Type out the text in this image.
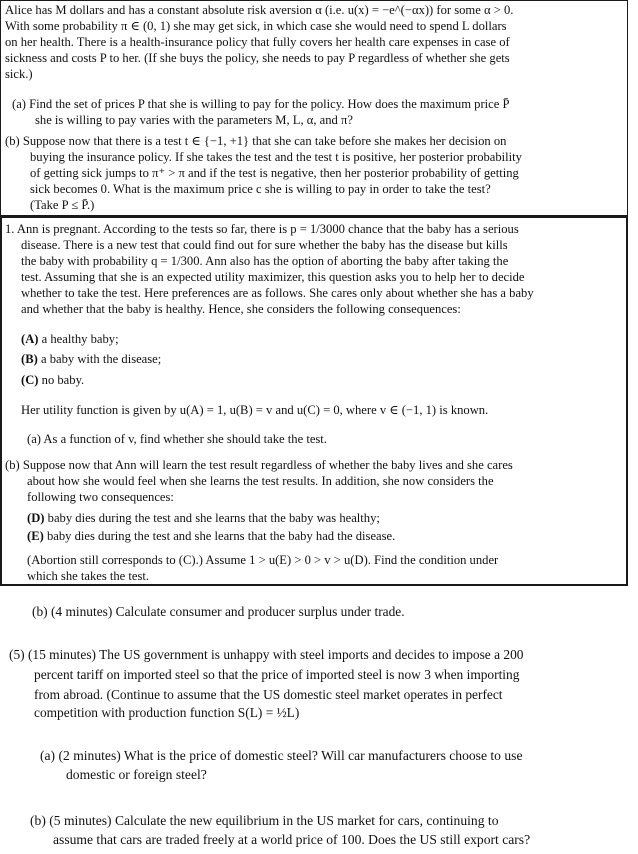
Alice has M dollars and has a constant absolute risk aversion α (i.e. u(x) = −e^(−αx)) for some α > 0.
With some probability π ∈ (0, 1) she may get sick, in which case she would need to spend L dollars
on her health. There is a health-insurance policy that fully covers her health care expenses in case of
sickness and costs P to her. (If she buys the policy, she needs to pay P regardless of whether she gets
sick.)
(a) Find the set of prices P that she is willing to pay for the policy. How does the maximum price P̄
she is willing to pay varies with the parameters M, L, α, and π?
(b) Suppose now that there is a test t ∈ {−1, +1} that she can take before she makes her decision on
buying the insurance policy. If she takes the test and the test t is positive, her posterior probability
of getting sick jumps to π⁺ > π and if the test is negative, then her posterior probability of getting
sick becomes 0. What is the maximum price c she is willing to pay in order to take the test?
(Take P ≤ P̄.)
1. Ann is pregnant. According to the tests so far, there is p = 1/3000 chance that the baby has a serious
disease. There is a new test that could find out for sure whether the baby has the disease but kills
the baby with probability q = 1/300. Ann also has the option of aborting the baby after taking the
test. Assuming that she is an expected utility maximizer, this question asks you to help her to decide
whether to take the test. Here preferences are as follows. She cares only about whether she has a baby
and whether that the baby is healthy. Hence, she considers the following consequences:
(A) a healthy baby;
(B) a baby with the disease;
(C) no baby.
Her utility function is given by u(A) = 1, u(B) = v and u(C) = 0, where v ∈ (−1, 1) is known.
(a) As a function of v, find whether she should take the test.
(b) Suppose now that Ann will learn the test result regardless of whether the baby lives and she cares
about how she would feel when she learns the test results. In addition, she now considers the
following two consequences:
(D) baby dies during the test and she learns that the baby was healthy;
(E) baby dies during the test and she learns that the baby had the disease.
(Abortion still corresponds to (C).) Assume 1 > u(E) > 0 > v > u(D). Find the condition under
which she takes the test.
(b) (4 minutes) Calculate consumer and producer surplus under trade.
(5) (15 minutes) The US government is unhappy with steel imports and decides to impose a 200
percent tariff on imported steel so that the price of imported steel is now 3 when importing
from abroad. (Continue to assume that the US domestic steel market operates in perfect
competition with production function S(L) = ½L)
(a) (2 minutes) What is the price of domestic steel? Will car manufacturers choose to use
domestic or foreign steel?
(b) (5 minutes) Calculate the new equilibrium in the US market for cars, continuing to
assume that cars are traded freely at a world price of 100. Does the US still export cars?
